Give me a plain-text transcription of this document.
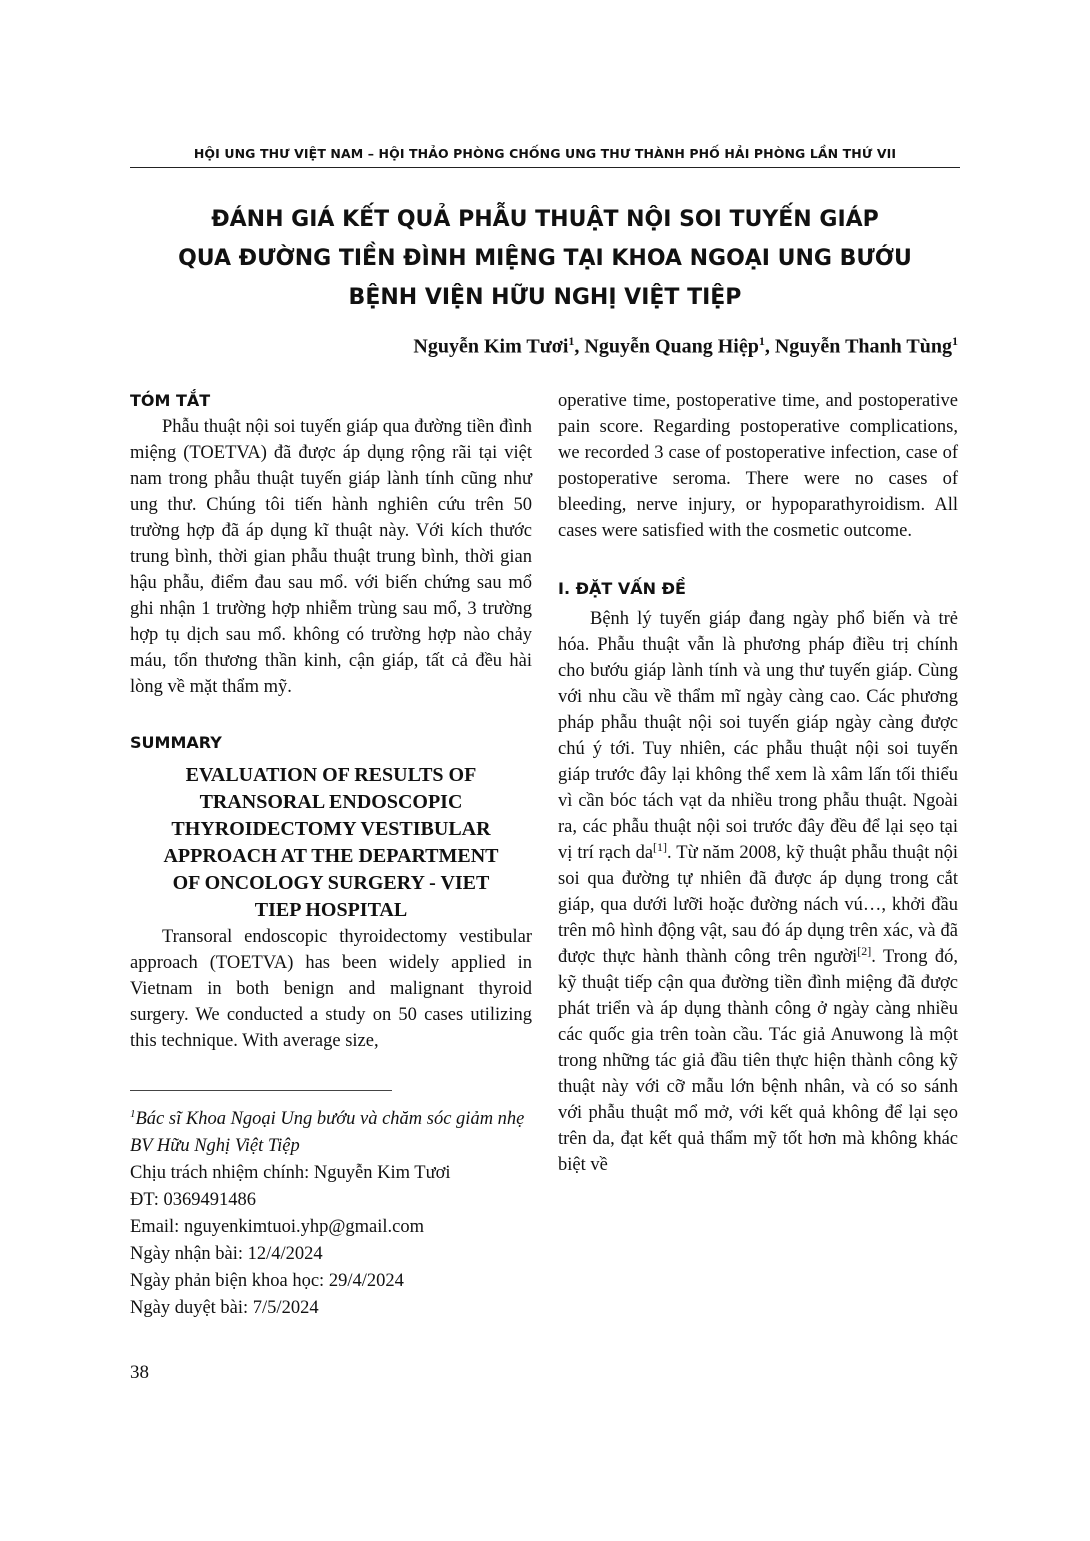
HỘI UNG THƯ VIỆT NAM – HỘI THẢO PHÒNG CHỐNG UNG THƯ THÀNH PHỐ HẢI PHÒNG LẦN THỨ VII
ĐÁNH GIÁ KẾT QUẢ PHẪU THUẬT NỘI SOI TUYẾN GIÁP
QUA ĐƯỜNG TIỀN ĐÌNH MIỆNG TẠI KHOA NGOẠI UNG BƯỚU
BỆNH VIỆN HỮU NGHỊ VIỆT TIỆP
Nguyễn Kim Tươi$^1$, Nguyễn Quang Hiệp$^1$, Nguyễn Thanh Tùng$^1$
TÓM TẮT

Phẫu thuật nội soi tuyến giáp qua đường tiền đình miệng (TOETVA) đã được áp dụng rộng rãi tại việt nam trong phẫu thuật tuyến giáp lành tính cũng như ung thư. Chúng tôi tiến hành nghiên cứu trên 50 trường hợp đã áp dụng kĩ thuật này. Với kích thước trung bình, thời gian phẫu thuật trung bình, thời gian hậu phẫu, điểm đau sau mổ. với biến chứng sau mổ ghi nhận 1 trường hợp nhiễm trùng sau mổ, 3 trường hợp tụ dịch sau mổ. không có trường hợp nào chảy máu, tổn thương thần kinh, cận giáp, tất cả đều hài lòng về mặt thẩm mỹ.

SUMMARY
EVALUATION OF RESULTS OF
TRANSORAL ENDOSCOPIC
THYROIDECTOMY VESTIBULAR
APPROACH AT THE DEPARTMENT
OF ONCOLOGY SURGERY - VIET
TIEP HOSPITAL

Transoral endoscopic thyroidectomy vestibular approach (TOETVA) has been widely applied in Vietnam in both benign and malignant thyroid surgery. We conducted a study on 50 cases utilizing this technique. With average size,

$^1$Bác sĩ Khoa Ngoại Ung bướu và chăm sóc giảm nhẹ BV Hữu Nghị Việt Tiệp

Chịu trách nhiệm chính: Nguyễn Kim Tươi

ĐT: 0369491486

Email: nguyenkimtuoi.yhp@gmail.com

Ngày nhận bài: 12/4/2024

Ngày phản biện khoa học: 29/4/2024

Ngày duyệt bài: 7/5/2024

operative time, postoperative time, and postoperative pain score. Regarding postoperative complications, we recorded 3 case of postoperative infection, case of postoperative seroma. There were no cases of bleeding, nerve injury, or hypoparathyroidism. All cases were satisfied with the cosmetic outcome.

I. ĐẶT VẤN ĐỀ

Bệnh lý tuyến giáp đang ngày phổ biến và trẻ hóa. Phẫu thuật vẫn là phương pháp điều trị chính cho bướu giáp lành tính và ung thư tuyến giáp. Cùng với nhu cầu về thẩm mĩ ngày càng cao. Các phương pháp phẫu thuật nội soi tuyến giáp ngày càng được chú ý tới. Tuy nhiên, các phẫu thuật nội soi tuyến giáp trước đây lại không thể xem là xâm lấn tối thiểu vì cần bóc tách vạt da nhiều trong phẫu thuật. Ngoài ra, các phẫu thuật nội soi trước đây đều để lại sẹo tại vị trí rạch da[1]. Từ năm 2008, kỹ thuật phẫu thuật nội soi qua đường tự nhiên đã được áp dụng trong cắt giáp, qua dưới lưỡi hoặc đường nách vú…, khởi đầu trên mô hình động vật, sau đó áp dụng trên xác, và đã được thực hành thành công trên người[2]. Trong đó, kỹ thuật tiếp cận qua đường tiền đình miệng đã được phát triển và áp dụng thành công ở ngày càng nhiều các quốc gia trên toàn cầu. Tác giả Anuwong là một trong những tác giả đầu tiên thực hiện thành công kỹ thuật này với cỡ mẫu lớn bệnh nhân, và có so sánh với phẫu thuật mổ mở, với kết quả không để lại sẹo trên da, đạt kết quả thẩm mỹ tốt hơn mà không khác biệt về

38
